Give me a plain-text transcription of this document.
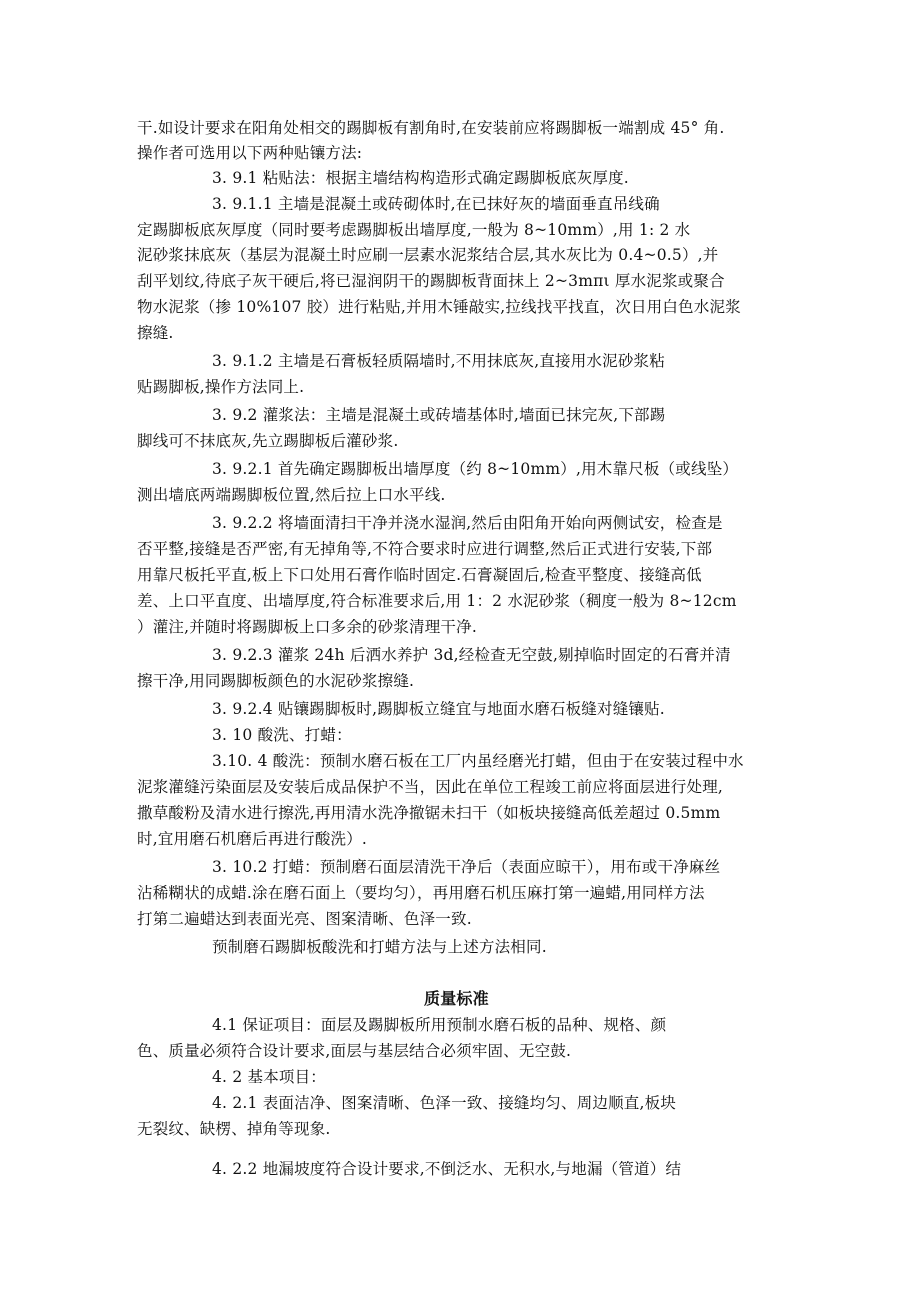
干.如设计要求在阳角处相交的踢脚板有割角时,在安装前应将踢脚板一端割成 45° 角.
操作者可选用以下两种贴镶方法:
3. 9.1 粘贴法：根据主墙结构构造形式确定踢脚板底灰厚度.
3. 9.1.1 主墙是混凝土或砖砌体时,在已抹好灰的墙面垂直吊线确
定踢脚板底灰厚度（同时要考虑踢脚板出墙厚度,一般为 8~10mm）,用 1: 2 水
泥砂浆抹底灰（基层为混凝土时应刷一层素水泥浆结合层,其水灰比为 0.4~0.5）,并
刮平划纹,待底子灰干硬后,将已湿润阴干的踢脚板背面抹上 2~3mπι 厚水泥浆或聚合
物水泥浆（掺 10%107 胶）进行粘贴,并用木锤敲实,拉线找平找直，次日用白色水泥浆
擦缝.
3. 9.1.2 主墙是石膏板轻质隔墙时,不用抹底灰,直接用水泥砂浆粘
贴踢脚板,操作方法同上.
3. 9.2 灌浆法：主墙是混凝土或砖墙基体时,墙面已抹完灰,下部踢
脚线可不抹底灰,先立踢脚板后灌砂浆.
3. 9.2.1 首先确定踢脚板出墙厚度（约 8~10mm）,用木靠尺板（或线坠）
测出墙底两端踢脚板位置,然后拉上口水平线.
3. 9.2.2 将墙面清扫干净并浇水湿润,然后由阳角开始向两侧试安，检查是
否平整,接缝是否严密,有无掉角等,不符合要求时应进行调整,然后正式进行安装,下部
用靠尺板托平直,板上下口处用石膏作临时固定.石膏凝固后,检查平整度、接缝高低
差、上口平直度、出墙厚度,符合标准要求后,用 1：2 水泥砂浆（稠度一般为 8~12cm
）灌注,并随时将踢脚板上口多余的砂浆清理干净.
3. 9.2.3 灌浆 24h 后洒水养护 3d,经检查无空鼓,剔掉临时固定的石膏并清
擦干净,用同踢脚板颜色的水泥砂浆擦缝.
3. 9.2.4 贴镶踢脚板时,踢脚板立缝宜与地面水磨石板缝对缝镶贴.
3. 10 酸洗、打蜡：
3.10. 4 酸洗：预制水磨石板在工厂内虽经磨光打蜡，但由于在安装过程中水
泥浆灌缝污染面层及安装后成品保护不当，因此在单位工程竣工前应将面层进行处理,
撒草酸粉及清水进行擦洗,再用清水洗净撤锯未扫干（如板块接缝高低差超过 0.5mm
时,宜用磨石机磨后再进行酸洗）.
3. 10.2 打蜡：预制磨石面层清洗干净后（表面应晾干），用布或干净麻丝
沾稀糊状的成蜡.涂在磨石面上（要均匀），再用磨石机压麻打第一遍蜡,用同样方法
打第二遍蜡达到表面光亮、图案清晰、色泽一致.
预制磨石踢脚板酸洗和打蜡方法与上述方法相同.
质量标准
4.1 保证项目：面层及踢脚板所用预制水磨石板的品种、规格、颜
色、质量必须符合设计要求,面层与基层结合必须牢固、无空鼓.
4. 2 基本项目：
4. 2.1 表面洁净、图案清晰、色泽一致、接缝均匀、周边顺直,板块
无裂纹、缺楞、掉角等现象.
4. 2.2 地漏坡度符合设计要求,不倒泛水、无积水,与地漏（管道）结
